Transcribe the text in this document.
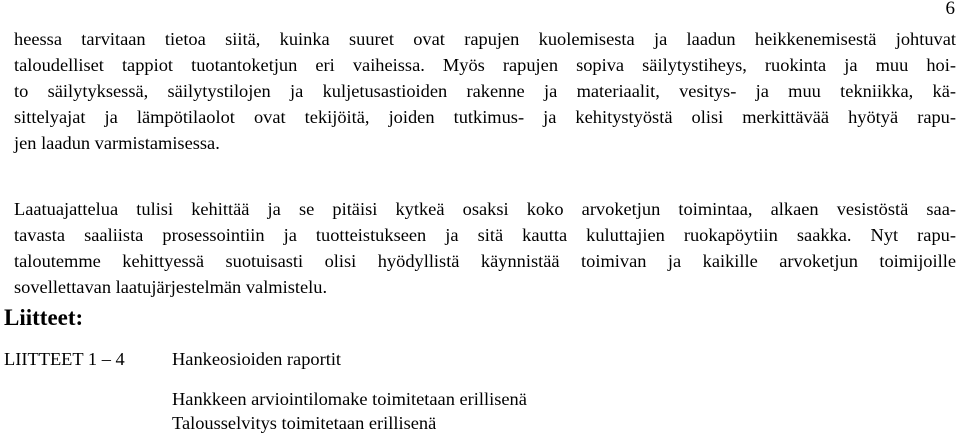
6
heessa tarvitaan tietoa siitä, kuinka suuret ovat rapujen kuolemisesta ja laadun heikkenemisestä johtuvat
taloudelliset tappiot tuotantoketjun eri vaiheissa. Myös rapujen sopiva säilytystiheys, ruokinta ja muu hoi-
to säilytyksessä, säilytystilojen ja kuljetusastioiden rakenne ja materiaalit, vesitys- ja muu tekniikka, kä-
sittelyajat ja lämpötilaolot ovat tekijöitä, joiden tutkimus- ja kehitystyöstä olisi merkittävää hyötyä rapu-
jen laadun varmistamisessa.
Laatuajattelua tulisi kehittää ja se pitäisi kytkeä osaksi koko arvoketjun toimintaa, alkaen vesistöstä saa-
tavasta saaliista prosessointiin ja tuotteistukseen ja sitä kautta kuluttajien ruokapöytiin saakka. Nyt rapu-
taloutemme kehittyessä suotuisasti olisi hyödyllistä käynnistää toimivan ja kaikille arvoketjun toimijoille
sovellettavan laatujärjestelmän valmistelu.
Liitteet:
LIITTEET 1 – 4	Hankeosioiden raportit
Hankkeen arviointilomake toimitetaan erillisenä
Talousselvitys toimitetaan erillisenä
